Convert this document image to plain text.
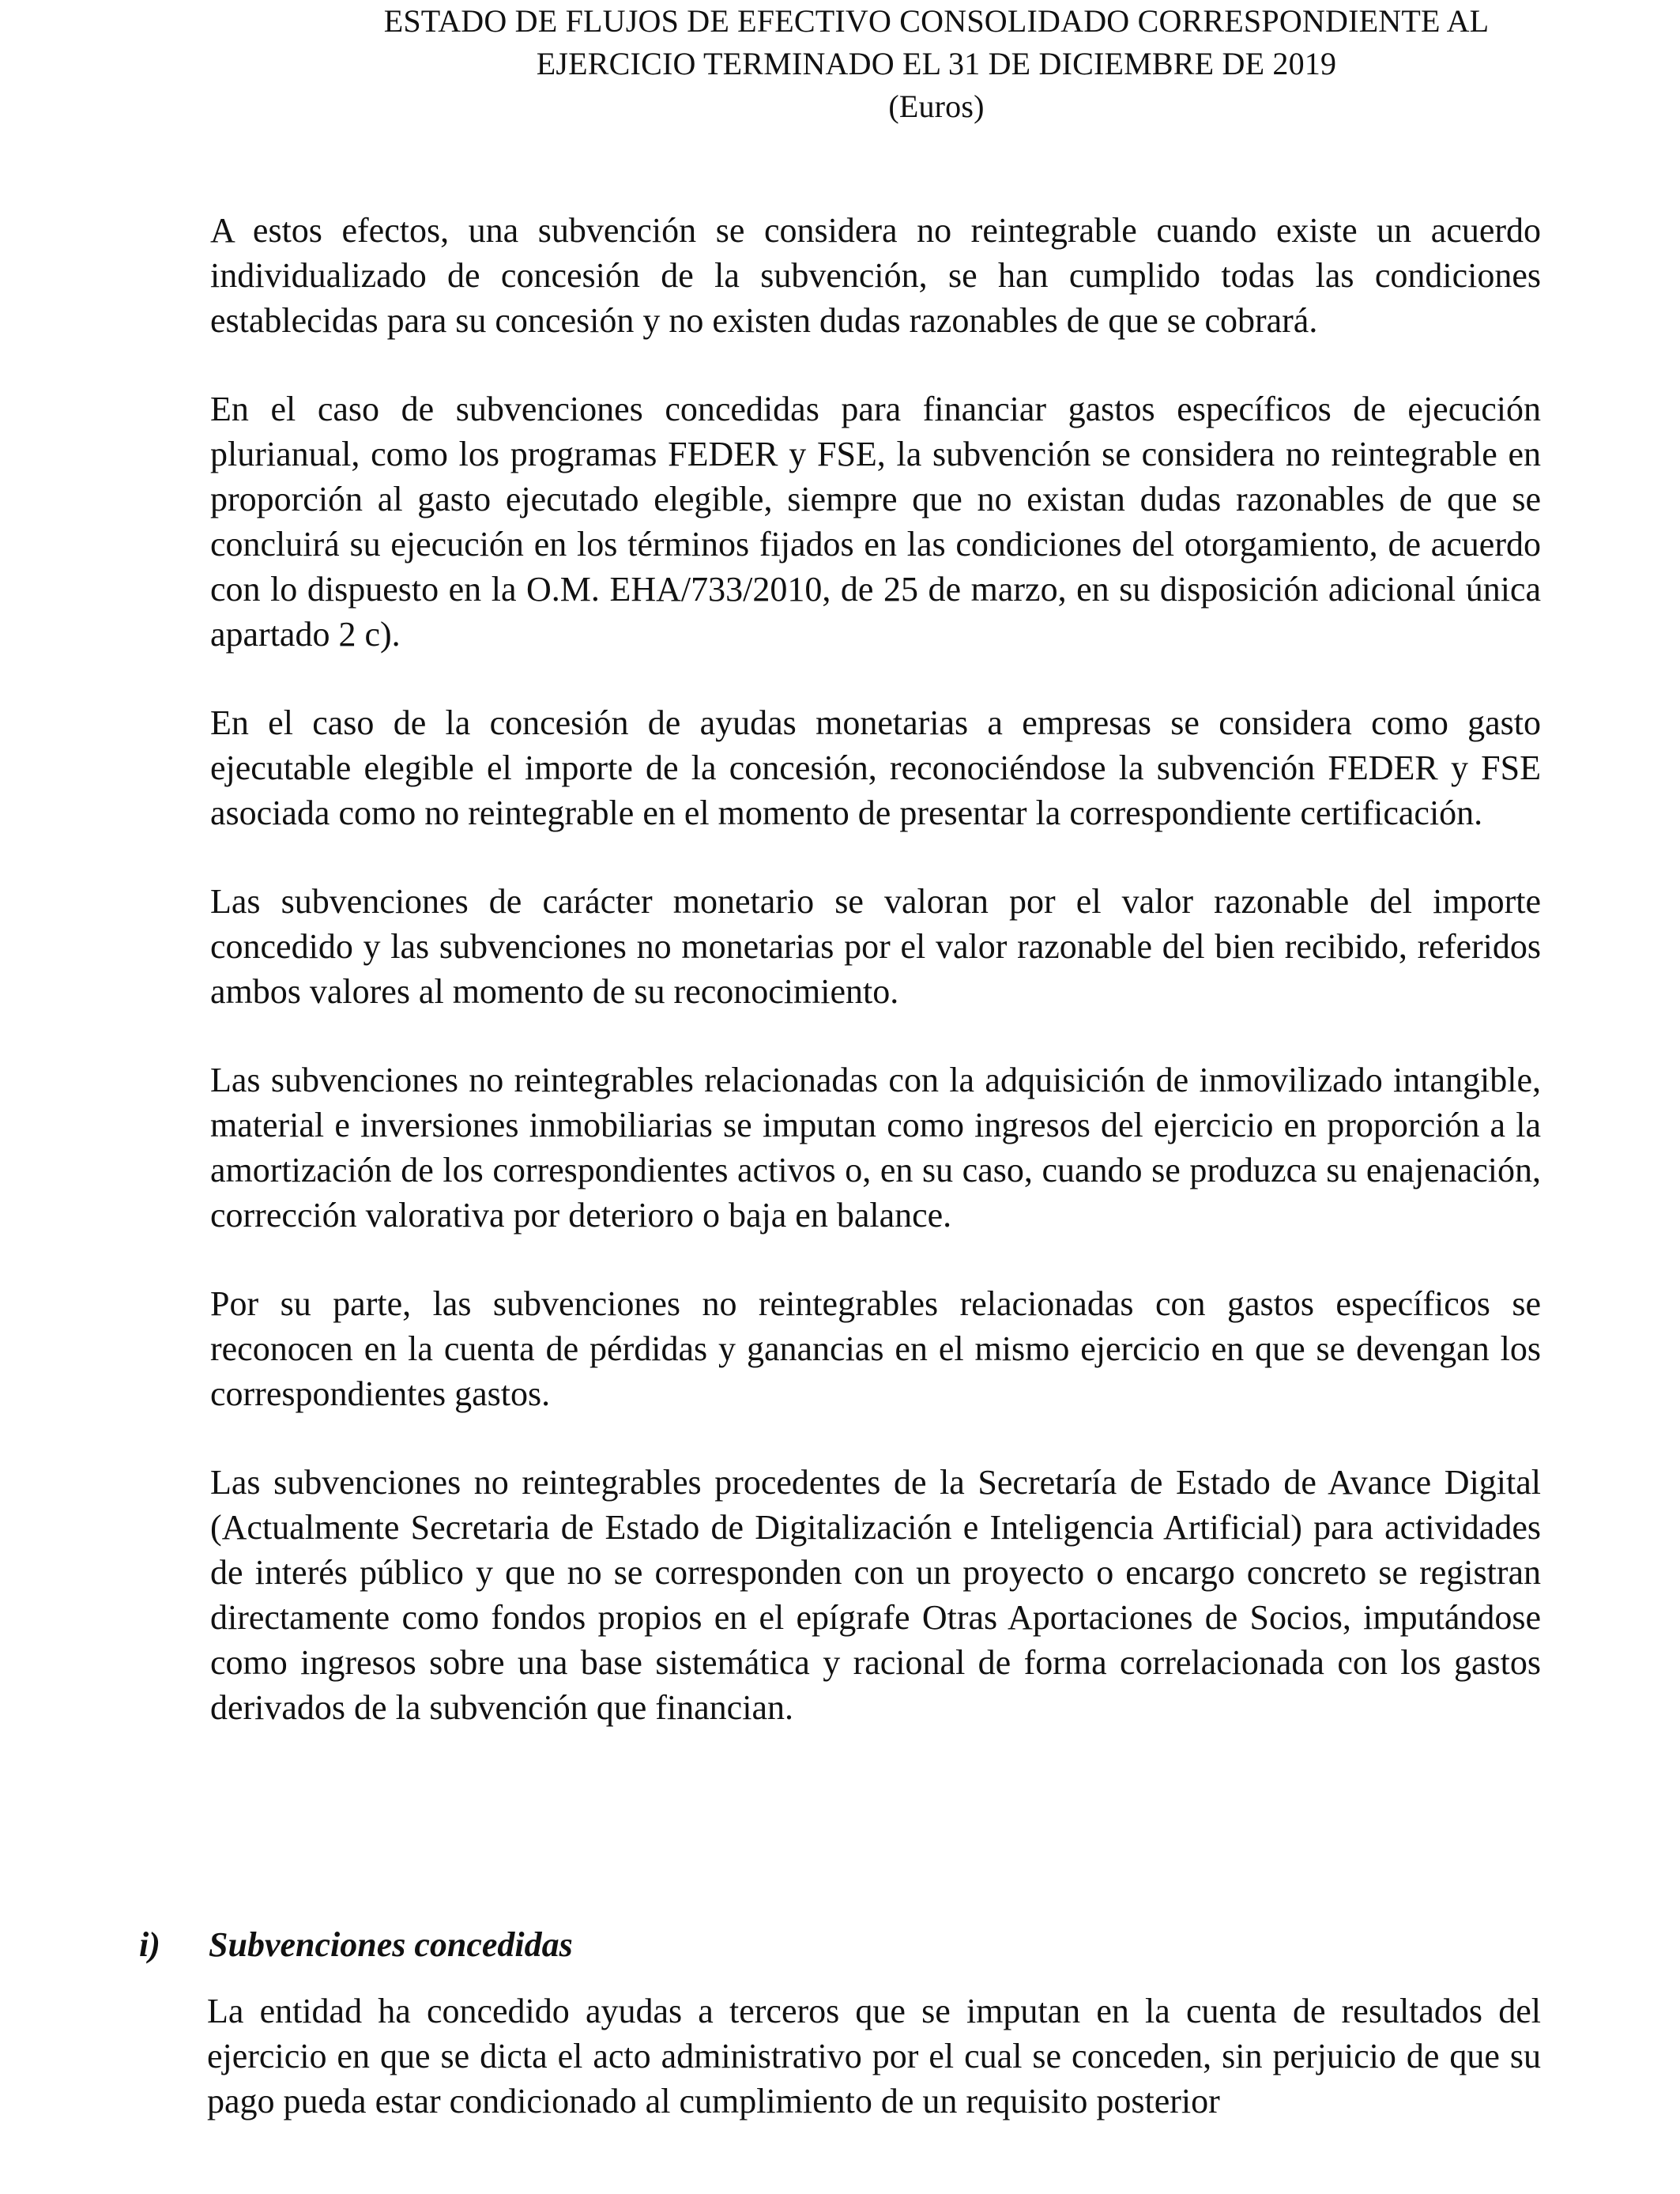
ESTADO DE FLUJOS DE EFECTIVO CONSOLIDADO CORRESPONDIENTE AL
EJERCICIO TERMINADO EL 31 DE DICIEMBRE DE 2019
(Euros)

A estos efectos, una subvención se considera no reintegrable cuando existe un acuerdo individualizado de concesión de la subvención, se han cumplido todas las condiciones establecidas para su concesión y no existen dudas razonables de que se cobrará.

En el caso de subvenciones concedidas para financiar gastos específicos de ejecución plurianual, como los programas FEDER y FSE, la subvención se considera no reintegrable en proporción al gasto ejecutado elegible, siempre que no existan dudas razonables de que se concluirá su ejecución en los términos fijados en las condiciones del otorgamiento, de acuerdo con lo dispuesto en la O.M. EHA/733/2010, de 25 de marzo, en su disposición adicional única apartado 2 c).

En el caso de la concesión de ayudas monetarias a empresas se considera como gasto ejecutable elegible el importe de la concesión, reconociéndose la subvención FEDER y FSE asociada como no reintegrable en el momento de presentar la correspondiente certificación.

Las subvenciones de carácter monetario se valoran por el valor razonable del importe concedido y las subvenciones no monetarias por el valor razonable del bien recibido, referidos ambos valores al momento de su reconocimiento.

Las subvenciones no reintegrables relacionadas con la adquisición de inmovilizado intangible, material e inversiones inmobiliarias se imputan como ingresos del ejercicio en proporción a la amortización de los correspondientes activos o, en su caso, cuando se produzca su enajenación, corrección valorativa por deterioro o baja en balance.

Por su parte, las subvenciones no reintegrables relacionadas con gastos específicos se reconocen en la cuenta de pérdidas y ganancias en el mismo ejercicio en que se devengan los correspondientes gastos.

Las subvenciones no reintegrables procedentes de la Secretaría de Estado de Avance Digital (Actualmente Secretaria de Estado de Digitalización e Inteligencia Artificial) para actividades de interés público y que no se corresponden con un proyecto o encargo concreto se registran directamente como fondos propios en el epígrafe Otras Aportaciones de Socios, imputándose como ingresos sobre una base sistemática y racional de forma correlacionada con los gastos derivados de la subvención que financian.

i) Subvenciones concedidas

La entidad ha concedido ayudas a terceros que se imputan en la cuenta de resultados del ejercicio en que se dicta el acto administrativo por el cual se conceden, sin perjuicio de que su pago pueda estar condicionado al cumplimiento de un requisito posterior
